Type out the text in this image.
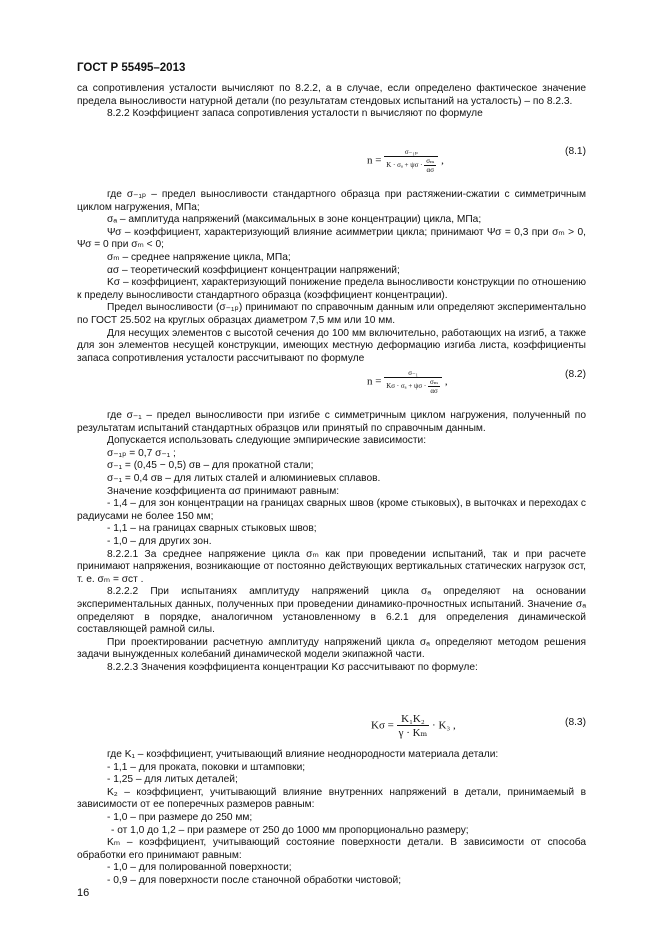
ГОСТ Р 55495–2013

са сопротивления усталости вычисляют по 8.2.2, а в случае, если определено фактическое значение предела выносливости натурной детали (по результатам стендовых испытаний на усталость) – по 8.2.3.

8.2.2 Коэффициент запаса сопротивления усталости n вычисляют по формуле

n =
σ₋₁ₚ
$K \cdot \sigma_a + \psi\sigma \cdot \frac{\text{σₘ}}{\alpha\sigma}$ ,
(8.1)

где σ₋₁ₚ – предел выносливости стандартного образца при растяжении-сжатии с симметричным циклом нагружения, МПа;

σₐ – амплитуда напряжений (максимальных в зоне концентрации) цикла, МПа;

Ψσ – коэффициент, характеризующий влияние асимметрии цикла; принимают Ψσ = 0,3 при σₘ > 0, Ψσ = 0 при σₘ < 0;

σₘ – среднее напряжение цикла, МПа;

ασ – теоретический коэффициент концентрации напряжений;

Kσ – коэффициент, характеризующий понижение предела выносливости конструкции по отношению к пределу выносливости стандартного образца (коэффициент концентрации).

Предел выносливости (σ₋₁ₚ) принимают по справочным данным или определяют экспериментально по ГОСТ 25.502 на круглых образцах диаметром 7,5 мм или 10 мм.

Для несущих элементов с высотой сечения до 100 мм включительно, работающих на изгиб, а также для зон элементов несущей конструкции, имеющих местную деформацию изгиба листа, коэффициенты запаса сопротивления усталости рассчитывают по формуле

$n = \frac{\text{σ₋₁}}{K\sigma \cdot \sigma_a + \psi\sigma \cdot \frac{\text{σₘ}}{\alpha\sigma}}$ ,
(8.2)

где σ₋₁ – предел выносливости при изгибе с симметричным циклом нагружения, полученный по результатам испытаний стандартных образцов или принятый по справочным данным.

Допускается использовать следующие эмпирические зависимости:

σ₋₁ₚ = 0,7 σ₋₁ ;

σ₋₁ = (0,45 − 0,5) σв – для прокатной стали;

σ₋₁ = 0,4 σв – для литых сталей и алюминиевых сплавов.

Значение коэффициента ασ принимают равным:

- 1,4 – для зон концентрации на границах сварных швов (кроме стыковых), в выточках и переходах с радиусами не более 150 мм;

- 1,1 – на границах сварных стыковых швов;

- 1,0 – для других зон.

8.2.2.1 За среднее напряжение цикла σₘ как при проведении испытаний, так и при расчете принимают напряжения, возникающие от постоянно действующих вертикальных статических нагрузок σст, т. е. σₘ = σст .

8.2.2.2 При испытаниях амплитуду напряжений цикла σₐ определяют на основании экспериментальных данных, полученных при проведении динамико-прочностных испытаний. Значение σₐ определяют в порядке, аналогичном установленному в 6.2.1 для определения динамической составляющей рамной силы.

При проектировании расчетную амплитуду напряжений цикла σₐ определяют методом решения задачи вынужденных колебаний динамической модели экипажной части.

8.2.2.3 Значения коэффициента концентрации Kσ рассчитывают по формуле:

$K\sigma = \frac{\text{K₁K₂}}{\text{γ · Kₘ}} \cdot K_3$ ,	(8.3)

где K₁ – коэффициент, учитывающий влияние неоднородности материала детали:

- 1,1 – для проката, поковки и штамповки;

- 1,25 – для литых деталей;

K₂ – коэффициент, учитывающий влияние внутренних напряжений в детали, принимаемый в зависимости от ее поперечных размеров равным:

- 1,0 – при размере до 250 мм;

- от 1,0 до 1,2 – при размере от 250 до 1000 мм пропорционально размеру;

Kₘ – коэффициент, учитывающий состояние поверхности детали. В зависимости от способа обработки его принимают равным:

- 1,0 – для полированной поверхности;

- 0,9 – для поверхности после станочной обработки чистовой;

16
